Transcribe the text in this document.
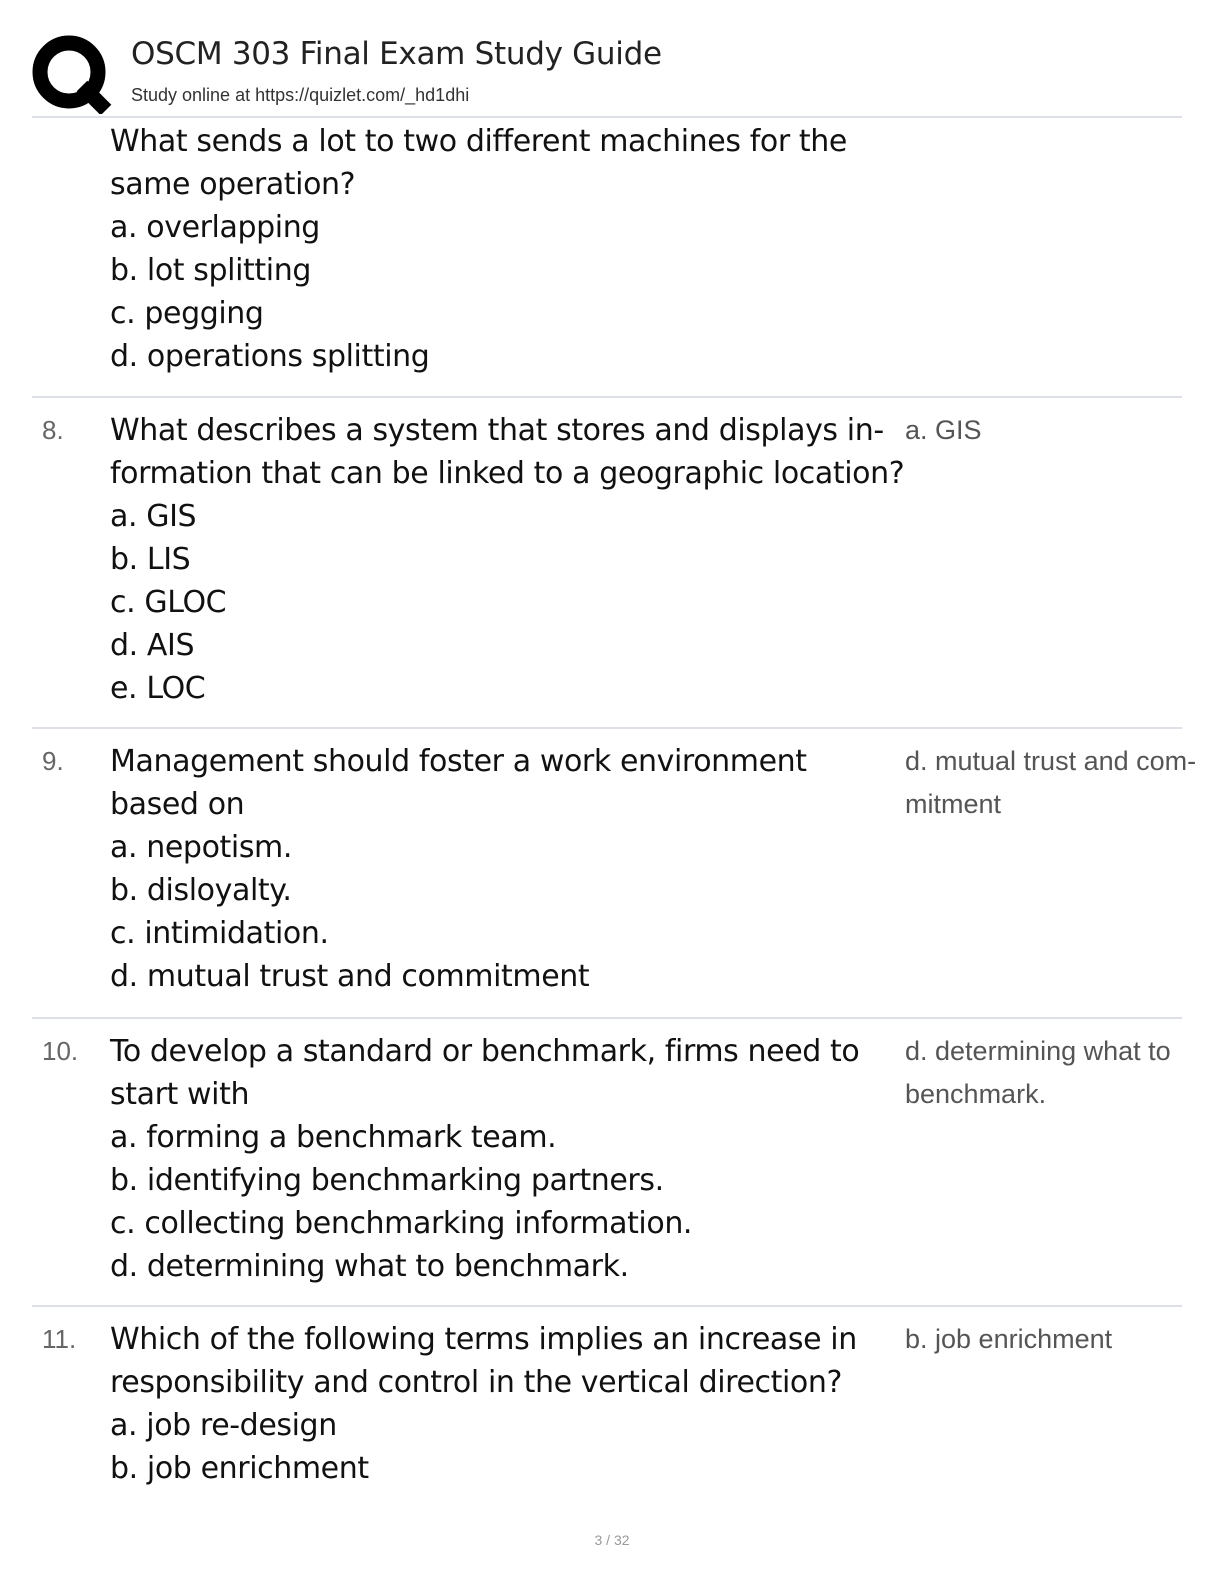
OSCM 303 Final Exam Study Guide
Study online at https://quizlet.com/_hd1dhi
What sends a lot to two different machines for the
same operation?
a. overlapping
b. lot splitting
c. pegging
d. operations splitting
8. What describes a system that stores and displays in-
formation that can be linked to a geographic location?
a. GIS
b. LIS
c. GLOC
d. AIS
e. LOC
a. GIS
9. Management should foster a work environment
based on
a. nepotism.
b. disloyalty.
c. intimidation.
d. mutual trust and commitment
d. mutual trust and com-
mitment
10. To develop a standard or benchmark, firms need to
start with
a. forming a benchmark team.
b. identifying benchmarking partners.
c. collecting benchmarking information.
d. determining what to benchmark.
d. determining what to
benchmark.
11. Which of the following terms implies an increase in
responsibility and control in the vertical direction?
a. job re-design
b. job enrichment
b. job enrichment
3 / 32
